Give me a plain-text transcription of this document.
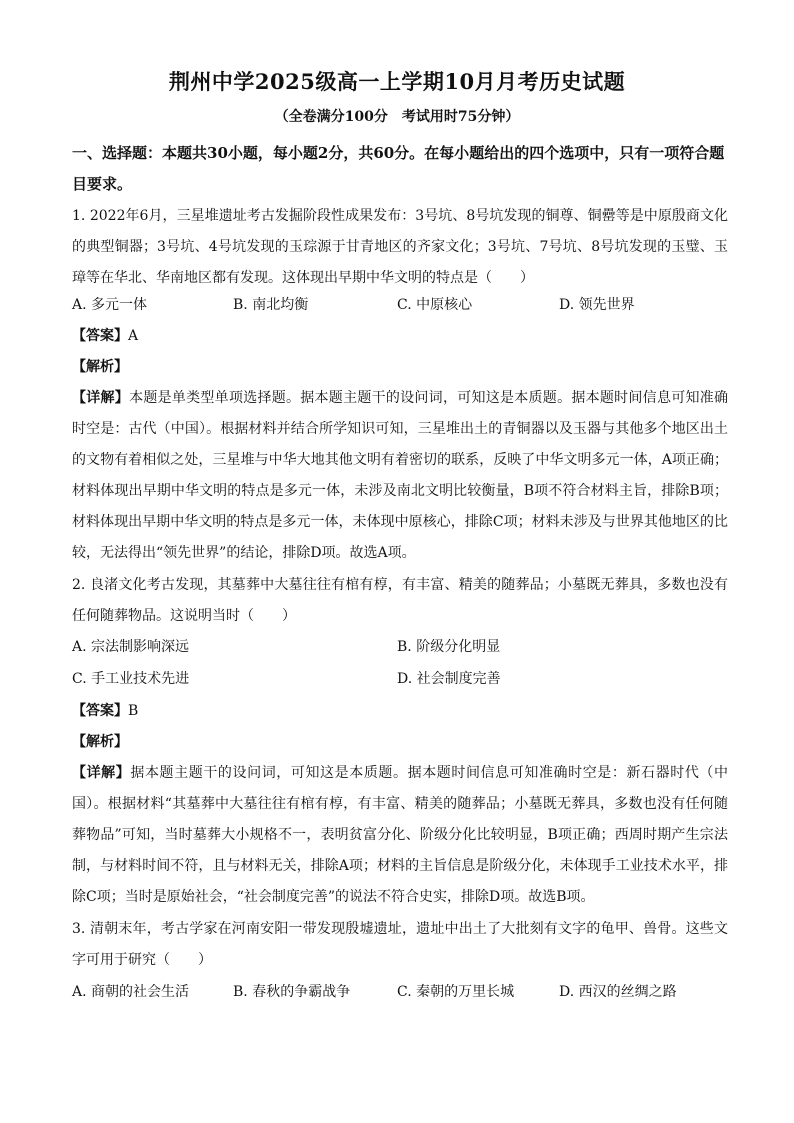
荆州中学2025级高一上学期10月月考历史试题
（全卷满分100分　考试用时75分钟）
一、选择题：本题共30小题，每小题2分，共60分。在每小题给出的四个选项中，只有一项符合题目要求。
1. 2022年6月，三星堆遗址考古发掘阶段性成果发布：3号坑、8号坑发现的铜尊、铜罍等是中原殷商文化的典型铜器；3号坑、4号坑发现的玉琮源于甘青地区的齐家文化；3号坑、7号坑、8号坑发现的玉璧、玉璋等在华北、华南地区都有发现。这体现出早期中华文明的特点是（　　）
A. 多元一体	B. 南北均衡	C. 中原核心	D. 领先世界
【答案】A
【解析】
【详解】本题是单类型单项选择题。据本题主题干的设问词，可知这是本质题。据本题时间信息可知准确时空是：古代（中国）。根据材料并结合所学知识可知，三星堆出土的青铜器以及玉器与其他多个地区出土的文物有着相似之处，三星堆与中华大地其他文明有着密切的联系，反映了中华文明多元一体，A项正确；材料体现出早期中华文明的特点是多元一体，未涉及南北文明比较衡量，B项不符合材料主旨，排除B项；材料体现出早期中华文明的特点是多元一体，未体现中原核心，排除C项；材料未涉及与世界其他地区的比较，无法得出“领先世界”的结论，排除D项。故选A项。
2. 良渚文化考古发现，其墓葬中大墓往往有棺有椁，有丰富、精美的随葬品；小墓既无葬具，多数也没有任何随葬物品。这说明当时（　　）
A. 宗法制影响深远	B. 阶级分化明显
C. 手工业技术先进	D. 社会制度完善
【答案】B
【解析】
【详解】据本题主题干的设问词，可知这是本质题。据本题时间信息可知准确时空是：新石器时代（中国）。根据材料“其墓葬中大墓往往有棺有椁，有丰富、精美的随葬品；小墓既无葬具，多数也没有任何随葬物品”可知，当时墓葬大小规格不一，表明贫富分化、阶级分化比较明显，B项正确；西周时期产生宗法制，与材料时间不符，且与材料无关，排除A项；材料的主旨信息是阶级分化，未体现手工业技术水平，排除C项；当时是原始社会，“社会制度完善”的说法不符合史实，排除D项。故选B项。
3. 清朝末年，考古学家在河南安阳一带发现殷墟遗址，遗址中出土了大批刻有文字的龟甲、兽骨。这些文字可用于研究（　　）
A. 商朝的社会生活	B. 春秋的争霸战争	C. 秦朝的万里长城	D. 西汉的丝绸之路
